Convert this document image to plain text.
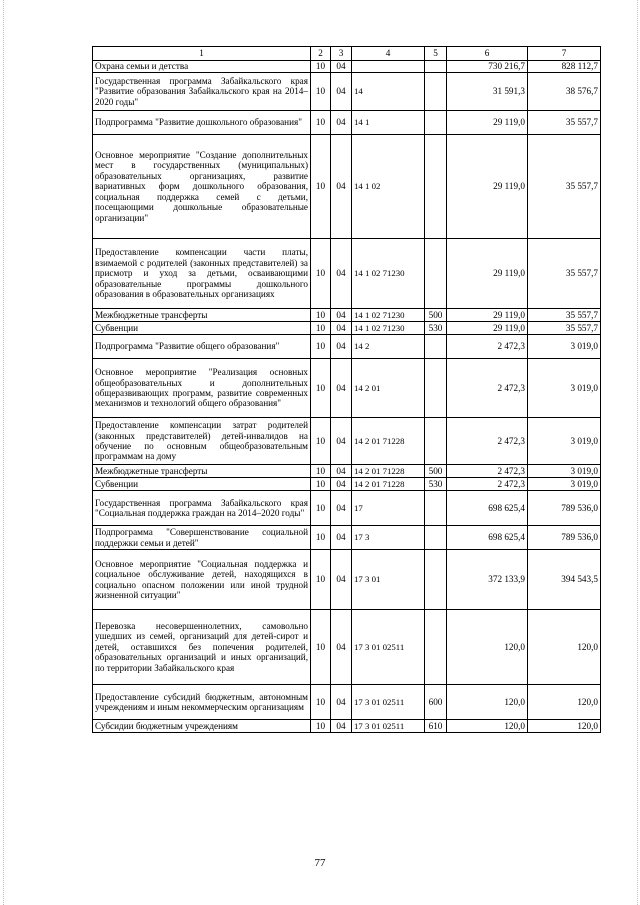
1	2	3	4	5	6	7
Охрана семьи и детства	10	04			730 216,7	828 112,7
Государственная программа Забайкальского края "Развитие образования Забайкальского края на 2014–2020 годы"	10	04	14		31 591,3	38 576,7
Подпрограмма "Развитие дошкольного образования"	10	04	14 1		29 119,0	35 557,7
Основное мероприятие "Создание дополнительных мест в государственных (муниципальных) образовательных организациях, развитие вариативных форм дошкольного образования, социальная поддержка семей с детьми, посещающими дошкольные образовательные организации"	10	04	14 1 02		29 119,0	35 557,7
Предоставление компенсации части платы, взимаемой с родителей (законных представителей) за присмотр и уход за детьми, осваивающими образовательные программы дошкольного образования в образовательных организациях	10	04	14 1 02 71230		29 119,0	35 557,7
Межбюджетные трансферты	10	04	14 1 02 71230	500	29 119,0	35 557,7
Субвенции	10	04	14 1 02 71230	530	29 119,0	35 557,7
Подпрограмма "Развитие общего образования"	10	04	14 2		2 472,3	3 019,0
Основное мероприятие "Реализация основных общеобразовательных и дополнительных общеразвивающих программ, развитие современных механизмов и технологий общего образования"	10	04	14 2 01		2 472,3	3 019,0
Предоставление компенсации затрат родителей (законных представителей) детей-инвалидов на обучение по основным общеобразовательным программам на дому	10	04	14 2 01 71228		2 472,3	3 019,0
Межбюджетные трансферты	10	04	14 2 01 71228	500	2 472,3	3 019,0
Субвенции	10	04	14 2 01 71228	530	2 472,3	3 019,0
Государственная программа Забайкальского края "Социальная поддержка граждан на 2014–2020 годы"	10	04	17		698 625,4	789 536,0
Подпрограмма "Совершенствование социальной поддержки семьи и детей"	10	04	17 3		698 625,4	789 536,0
Основное мероприятие "Социальная поддержка и социальное обслуживание детей, находящихся в социально опасном положении или иной трудной жизненной ситуации"	10	04	17 3 01		372 133,9	394 543,5
Перевозка несовершеннолетних, самовольно ушедших из семей, организаций для детей-сирот и детей, оставшихся без попечения родителей, образовательных организаций и иных организаций, по территории Забайкальского края	10	04	17 3 01 02511		120,0	120,0
Предоставление субсидий бюджетным, автономным учреждениям и иным некоммерческим организациям	10	04	17 3 01 02511	600	120,0	120,0
Субсидии бюджетным учреждениям	10	04	17 3 01 02511	610	120,0	120,0
77
